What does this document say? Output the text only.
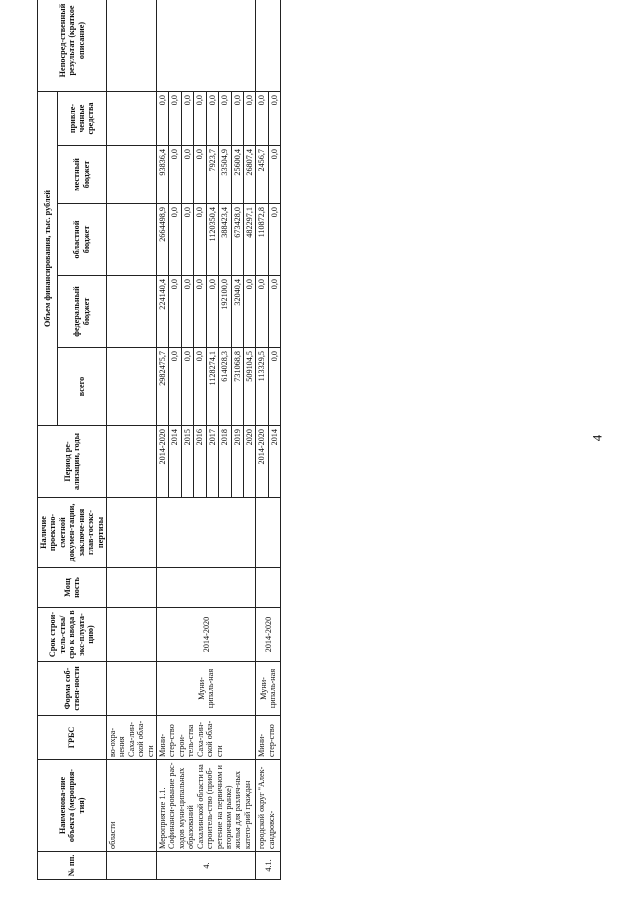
4
№ пп.	Наименова-ние объекта (мероприя-тия)	ГРБС	Форма соб-ствен-ности	Срок строи-тель-ства/сро к ввода в экс-плуата-цию)	Мощ ность	Наличие проектно-сметной докумен-тации, заключе-ния глав-госэкс-пертизы	Период ре-ализации, годы	Объем финансирования, тыс. рублей					Непосред-ственный результат (краткое описание)
								всего	федеральный бюджет	областной бюджет	местный бюджет	привле-ченные средства	
	области	во-охра-нения Саха-лин-ской обла-сти											
4.	Мероприятие 1.1. Софинанси-рование рас-ходов муни-ципальных образований Сахалинской области на строитель-ство (приоб-ретение на первичном и вторичном рынке) жилья для различ-ных катего-рий граждан	Мини-стер-ство строи-тель-ства Саха-лин-ской обла-сти	Муни-ципаль-ная	2014-2020			2014-2020	2982475,7	224140,4	2664498,9	93836,4	0,0	
							2014	0,0	0,0	0,0	0,0	0,0	
							2015	0,0	0,0	0,0	0,0	0,0	
							2016	0,0	0,0	0,0	0,0	0,0	
							2017	1128274,1	0,0	1120350,4	7923,7	0,0	
							2018	614028,3	192100,0	388423,4	33504,9	0,0	
							2019	731068,8	32040,4	673428,0	25600,4	0,0	
							2020	509104,5	0,0	482297,1	26807,4	0,0	
4.1.	городской округ "Алек-сандровск-	Мини-стер-ство	Муни-ципаль-ная	2014-2020			2014-2020	113329,5	0,0	110872,8	2456,7	0,0	
							2014	0,0	0,0	0,0	0,0	0,0	
